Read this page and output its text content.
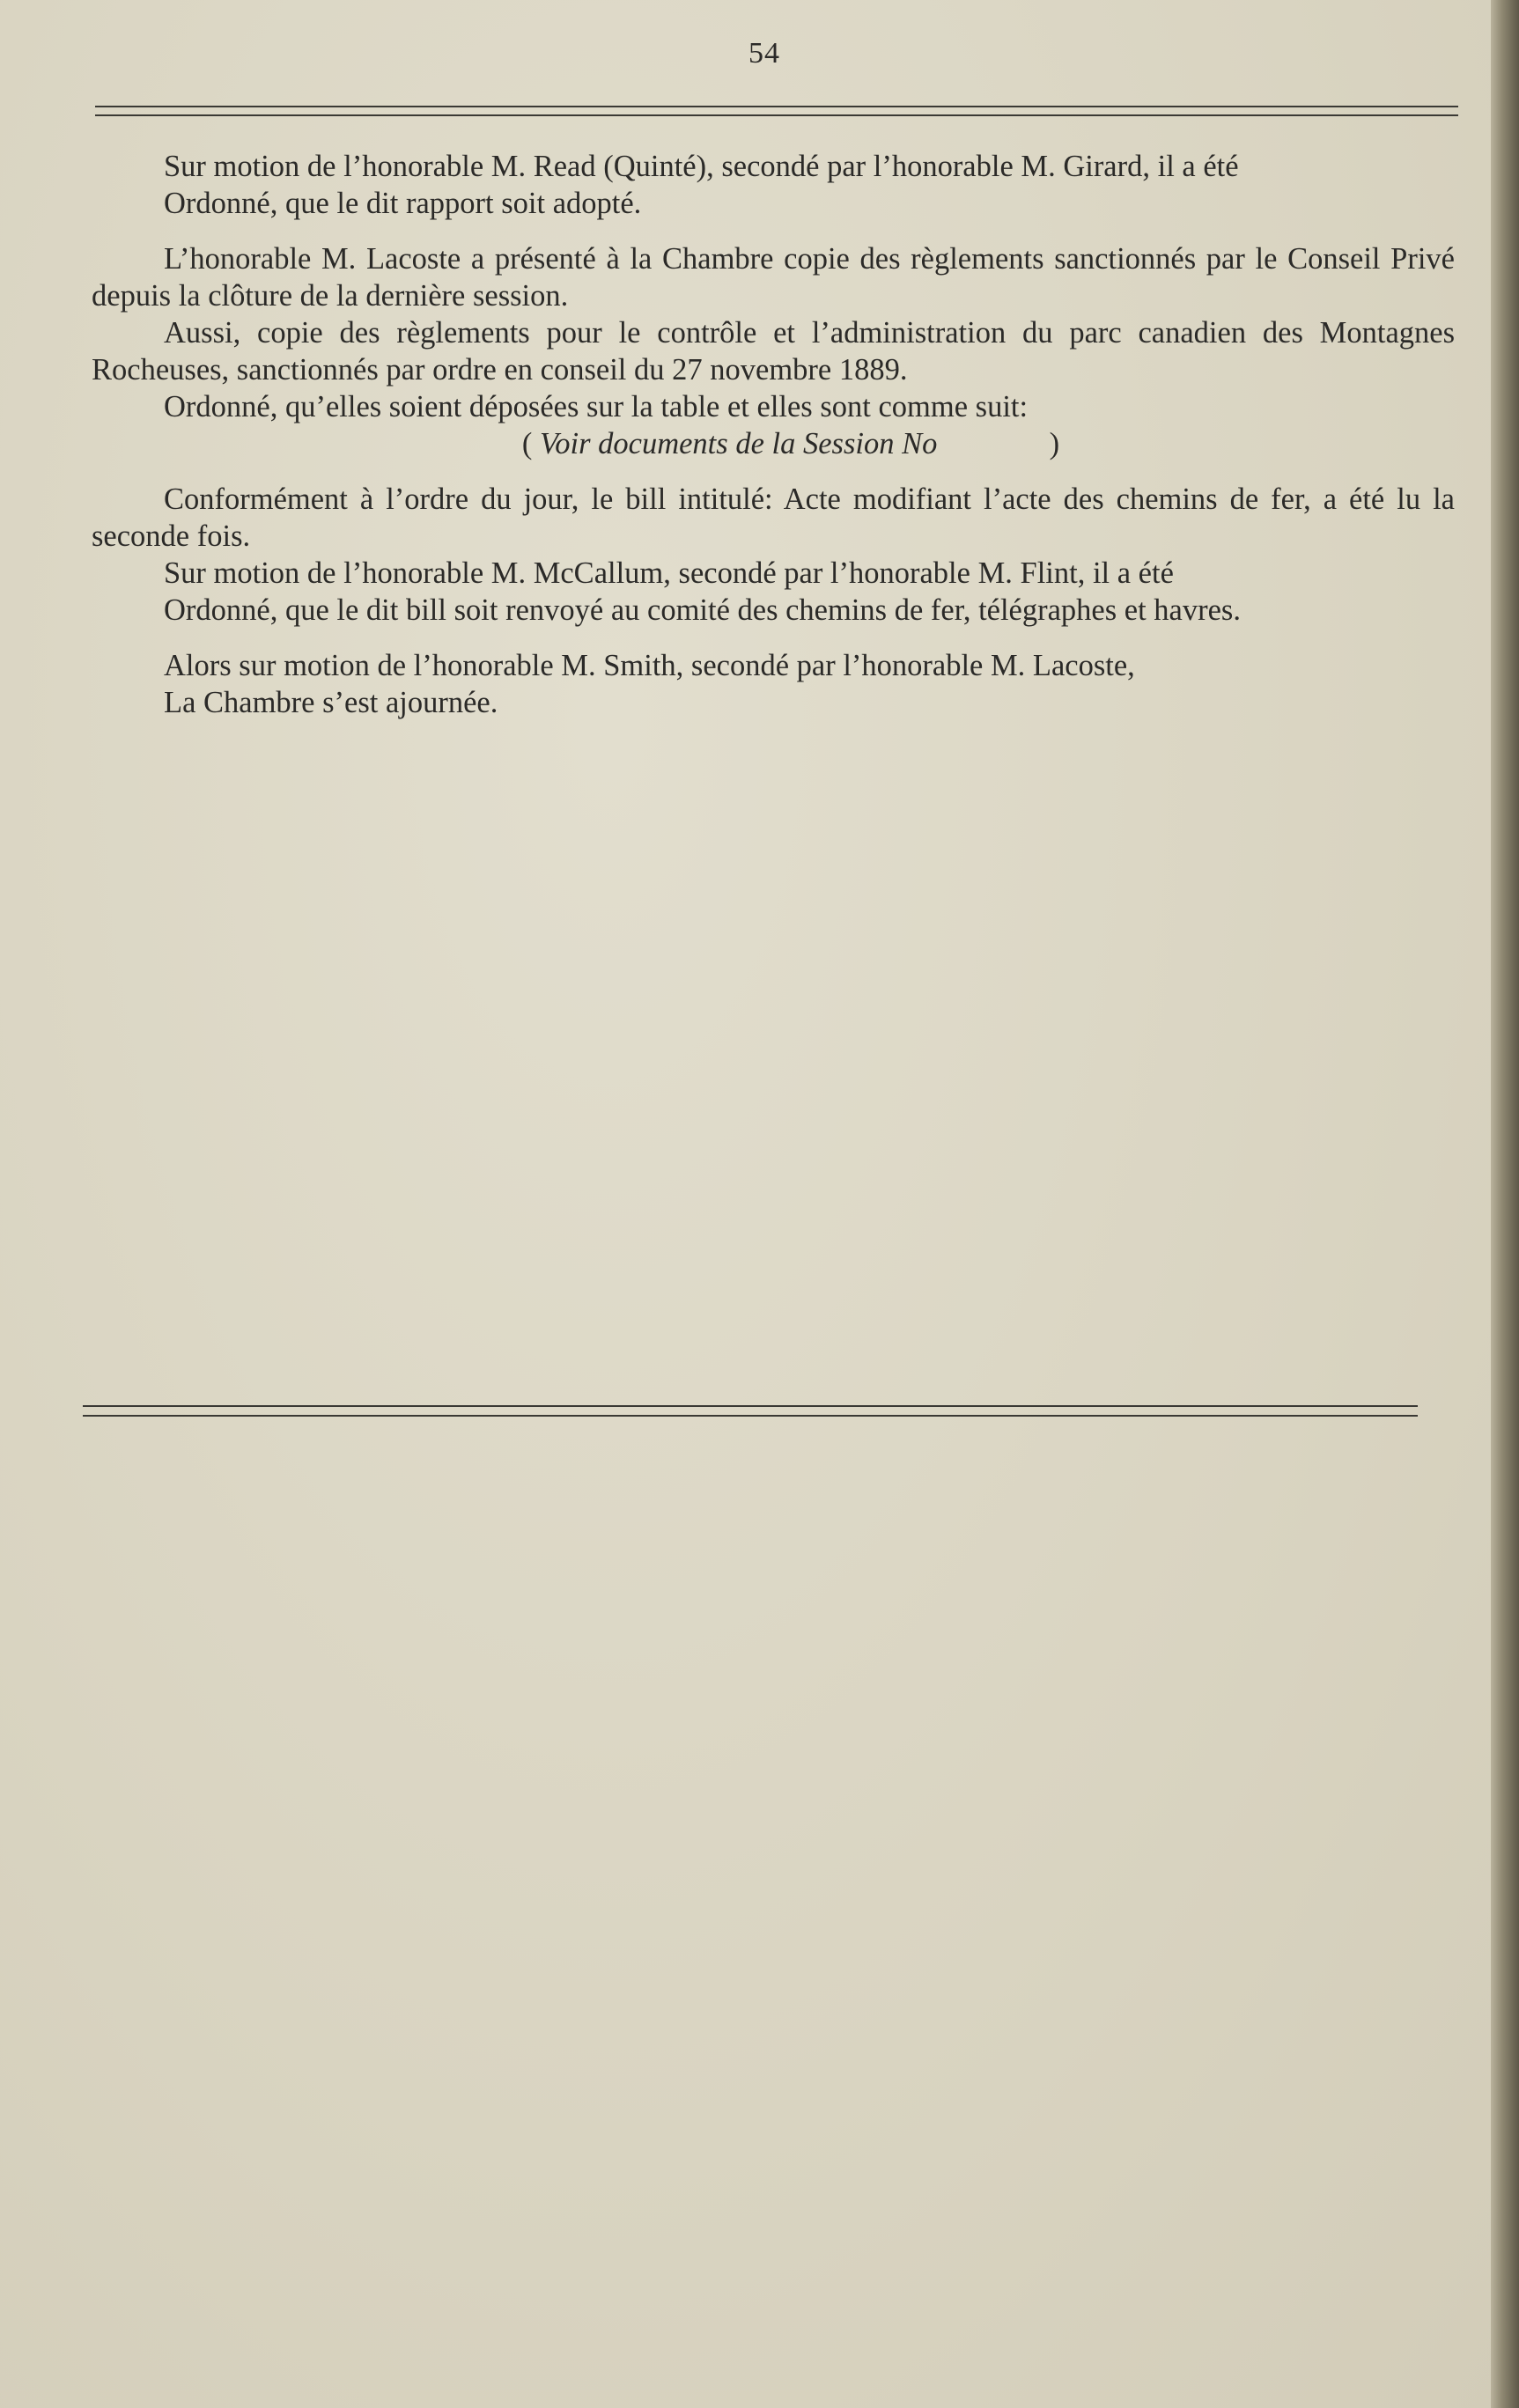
54

Sur motion de l’honorable M. Read (Quinté), secondé par l’honorable M. Girard, il a été

Ordonné, que le dit rapport soit adopté.

L’honorable M. Lacoste a présenté à la Chambre copie des règlements sanctionnés par le Conseil Privé depuis la clôture de la dernière session.

Aussi, copie des règlements pour le contrôle et l’administration du parc canadien des Montagnes Rocheuses, sanctionnés par ordre en conseil du 27 novembre 1889.

Ordonné, qu’elles soient déposées sur la table et elles sont comme suit:

( Voir documents de la Session No	)

Conformément à l’ordre du jour, le bill intitulé: Acte modifiant l’acte des chemins de fer, a été lu la seconde fois.

Sur motion de l’honorable M. McCallum, secondé par l’honorable M. Flint, il a été

Ordonné, que le dit bill soit renvoyé au comité des chemins de fer, télégraphes et havres.

Alors sur motion de l’honorable M. Smith, secondé par l’honorable M. Lacoste,

La Chambre s’est ajournée.
